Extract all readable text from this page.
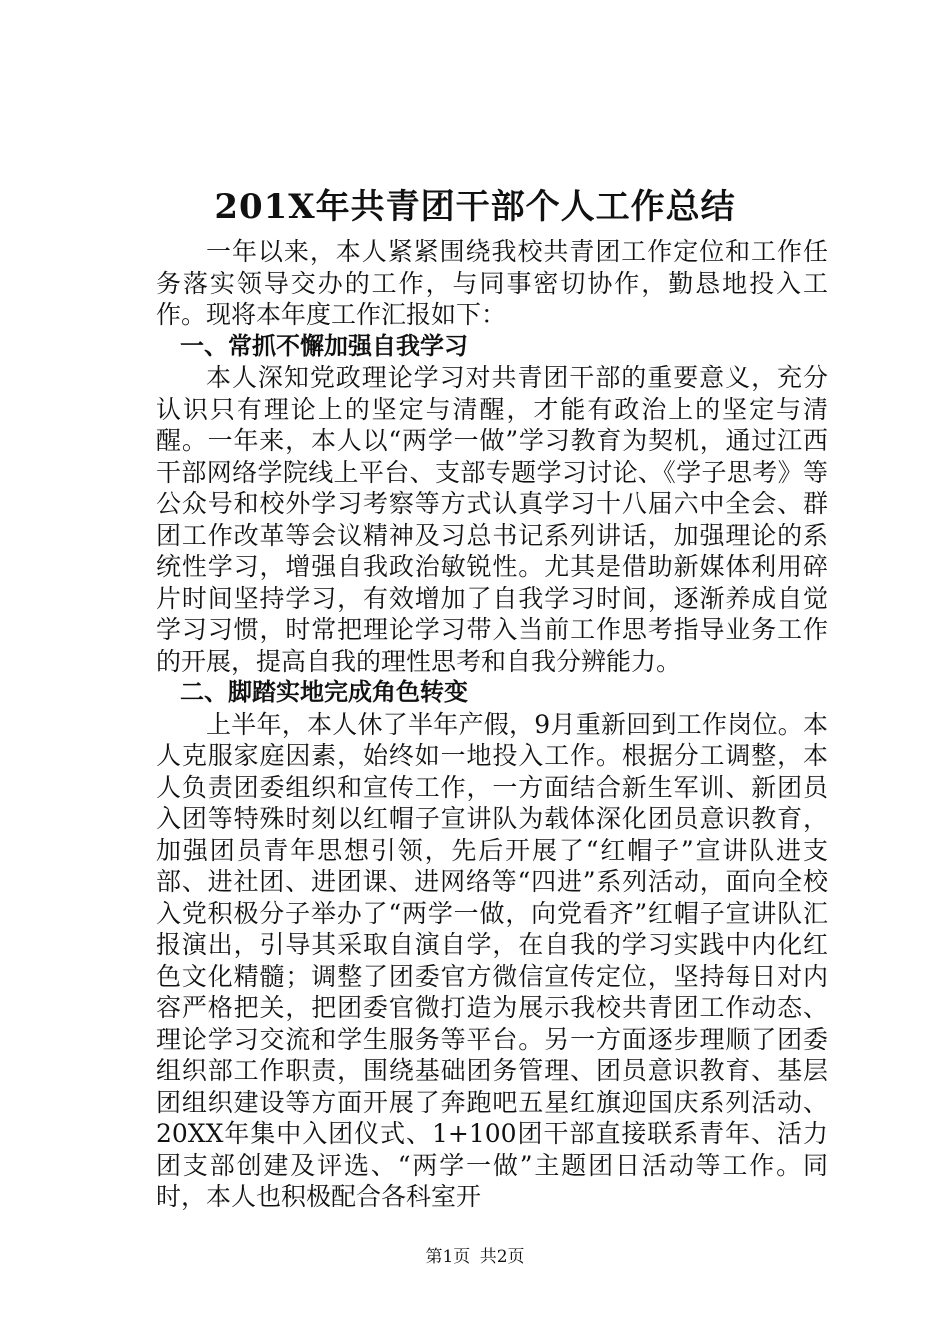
201X年共青团干部个人工作总结

一年以来，本人紧紧围绕我校共青团工作定位和工作任务落实领导交办的工作，与同事密切协作，勤恳地投入工作。现将本年度工作汇报如下：

一、常抓不懈加强自我学习

本人深知党政理论学习对共青团干部的重要意义，充分认识只有理论上的坚定与清醒，才能有政治上的坚定与清醒。一年来，本人以“两学一做”学习教育为契机，通过江西干部网络学院线上平台、支部专题学习讨论、《学子思考》等公众号和校外学习考察等方式认真学习十八届六中全会、群团工作改革等会议精神及习总书记系列讲话，加强理论的系统性学习，增强自我政治敏锐性。尤其是借助新媒体利用碎片时间坚持学习，有效增加了自我学习时间，逐渐养成自觉学习习惯，时常把理论学习带入当前工作思考指导业务工作的开展，提高自我的理性思考和自我分辨能力。

二、脚踏实地完成角色转变

上半年，本人休了半年产假，9月重新回到工作岗位。本人克服家庭因素，始终如一地投入工作。根据分工调整，本人负责团委组织和宣传工作，一方面结合新生军训、新团员入团等特殊时刻以红帽子宣讲队为载体深化团员意识教育，加强团员青年思想引领，先后开展了“红帽子”宣讲队进支部、进社团、进团课、进网络等“四进”系列活动，面向全校入党积极分子举办了“两学一做，向党看齐”红帽子宣讲队汇报演出，引导其采取自演自学，在自我的学习实践中内化红色文化精髓；调整了团委官方微信宣传定位，坚持每日对内容严格把关，把团委官微打造为展示我校共青团工作动态、理论学习交流和学生服务等平台。另一方面逐步理顺了团委组织部工作职责，围绕基础团务管理、团员意识教育、基层团组织建设等方面开展了奔跑吧五星红旗迎国庆系列活动、20XX年集中入团仪式、1+100团干部直接联系青年、活力团支部创建及评选、“两学一做”主题团日活动等工作。同时，本人也积极配合各科室开

第1页 共2页
